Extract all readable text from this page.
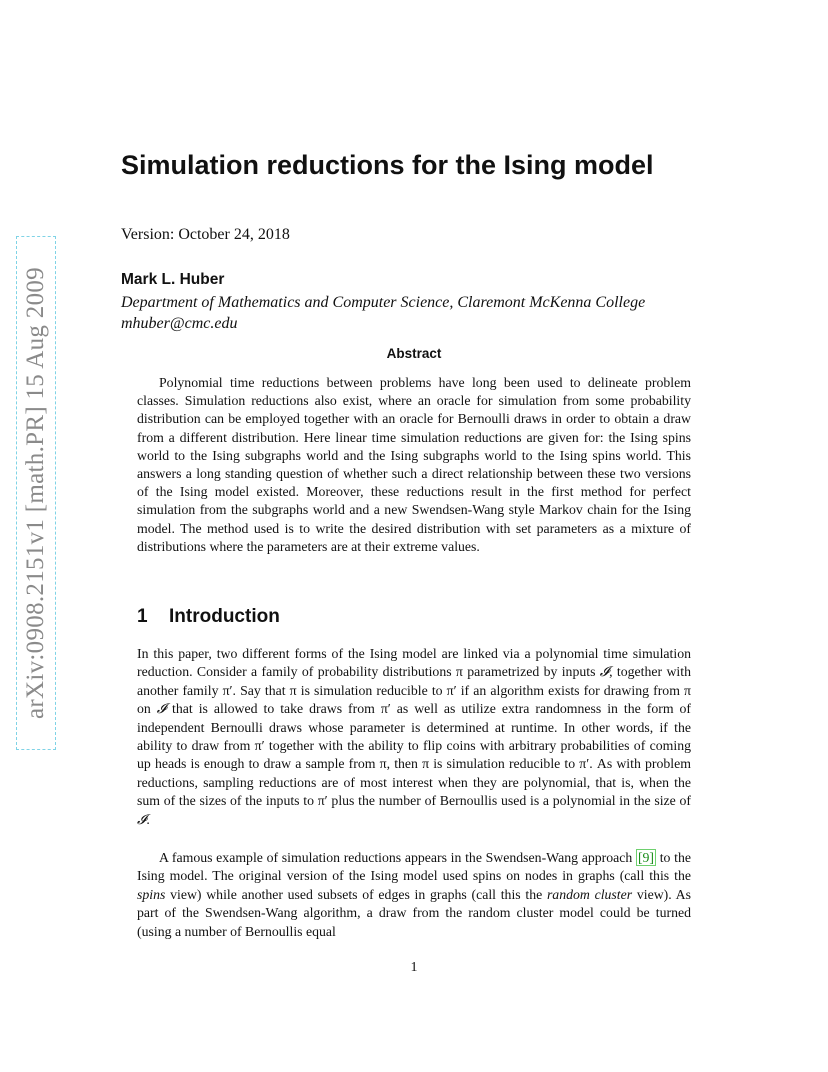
arXiv:0908.2151v1 [math.PR] 15 Aug 2009
Simulation reductions for the Ising model
Version: October 24, 2018
Mark L. Huber
Department of Mathematics and Computer Science, Claremont McKenna College
mhuber@cmc.edu
Abstract

Polynomial time reductions between problems have long been used to delineate problem classes. Simulation reductions also exist, where an oracle for simulation from some probability distribution can be employed together with an oracle for Bernoulli draws in order to obtain a draw from a different distribution. Here linear time simulation reductions are given for: the Ising spins world to the Ising subgraphs world and the Ising subgraphs world to the Ising spins world. This answers a long standing question of whether such a direct relationship between these two versions of the Ising model existed. Moreover, these reductions result in the first method for perfect simulation from the subgraphs world and a new Swendsen-Wang style Markov chain for the Ising model. The method used is to write the desired distribution with set parameters as a mixture of distributions where the parameters are at their extreme values.

1 Introduction

In this paper, two different forms of the Ising model are linked via a polynomial time simulation reduction. Consider a family of probability distributions π parametrized by inputs 𝓘, together with another family π′. Say that π is simulation reducible to π′ if an algorithm exists for drawing from π on 𝓘 that is allowed to take draws from π′ as well as utilize extra randomness in the form of independent Bernoulli draws whose parameter is determined at runtime. In other words, if the ability to draw from π′ together with the ability to flip coins with arbitrary probabilities of coming up heads is enough to draw a sample from π, then π is simulation reducible to π′. As with problem reductions, sampling reductions are of most interest when they are polynomial, that is, when the sum of the sizes of the inputs to π′ plus the number of Bernoullis used is a polynomial in the size of 𝓘.

A famous example of simulation reductions appears in the Swendsen-Wang approach [9] to the Ising model. The original version of the Ising model used spins on nodes in graphs (call this the spins view) while another used subsets of edges in graphs (call this the random cluster view). As part of the Swendsen-Wang algorithm, a draw from the random cluster model could be turned (using a number of Bernoullis equal

1
